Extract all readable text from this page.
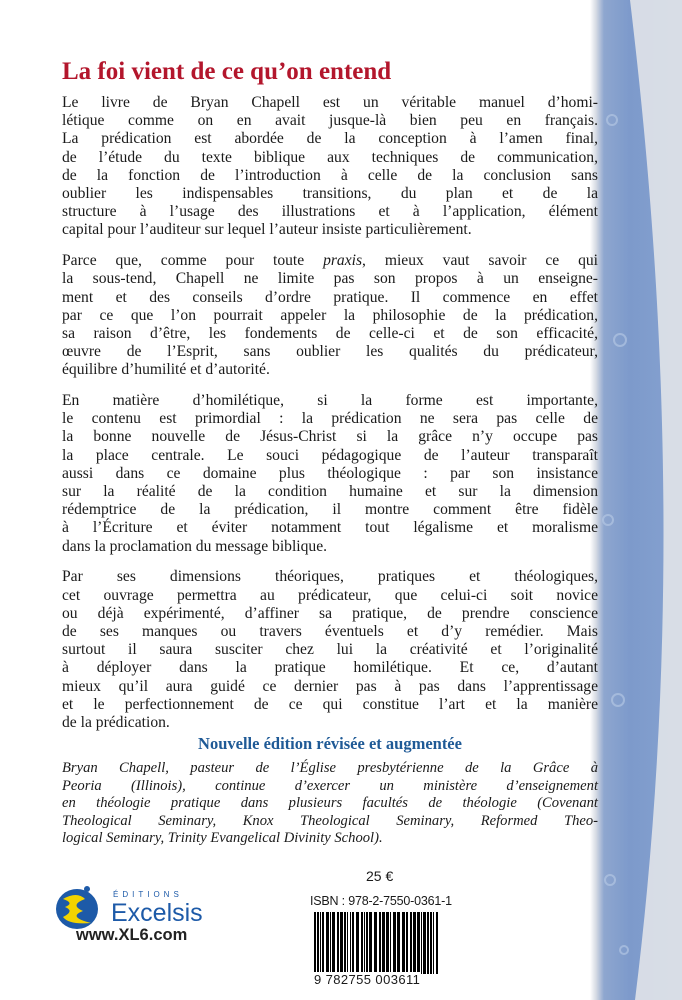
La foi vient de ce qu’on entend

Le livre de Bryan Chapell est un véritable manuel d’homi-
létique comme on en avait jusque-là bien peu en français.
La prédication est abordée de la conception à l’amen final,
de l’étude du texte biblique aux techniques de communication,
de la fonction de l’introduction à celle de la conclusion sans
oublier les indispensables transitions, du plan et de la
structure à l’usage des illustrations et à l’application, élément
capital pour l’auditeur sur lequel l’auteur insiste particulièrement.

Parce que, comme pour toute praxis, mieux vaut savoir ce qui
la sous-tend, Chapell ne limite pas son propos à un enseigne-
ment et des conseils d’ordre pratique. Il commence en effet
par ce que l’on pourrait appeler la philosophie de la prédication,
sa raison d’être, les fondements de celle-ci et de son efficacité,
œuvre de l’Esprit, sans oublier les qualités du prédicateur,
équilibre d’humilité et d’autorité.

En matière d’homilétique, si la forme est importante,
le contenu est primordial : la prédication ne sera pas celle de
la bonne nouvelle de Jésus-Christ si la grâce n’y occupe pas
la place centrale. Le souci pédagogique de l’auteur transparaît
aussi dans ce domaine plus théologique : par son insistance
sur la réalité de la condition humaine et sur la dimension
rédemptrice de la prédication, il montre comment être fidèle
à l’Écriture et éviter notamment tout légalisme et moralisme
dans la proclamation du message biblique.

Par ses dimensions théoriques, pratiques et théologiques,
cet ouvrage permettra au prédicateur, que celui-ci soit novice
ou déjà expérimenté, d’affiner sa pratique, de prendre conscience
de ses manques ou travers éventuels et d’y remédier. Mais
surtout il saura susciter chez lui la créativité et l’originalité
à déployer dans la pratique homilétique. Et ce, d’autant
mieux qu’il aura guidé ce dernier pas à pas dans l’apprentissage
et le perfectionnement de ce qui constitue l’art et la manière
de la prédication.

Nouvelle édition révisée et augmentée
Bryan Chapell, pasteur de l’Église presbytérienne de la Grâce à
Peoria (Illinois), continue d’exercer un ministère d’enseignement
en théologie pratique dans plusieurs facultés de théologie (Covenant
Theological Seminary, Knox Theological Seminary, Reformed Theo-
logical Seminary, Trinity Evangelical Divinity School).
ÉDITIONS
Excelsis
www.XL6.com
25 €
ISBN : 978-2-7550-0361-1
9 782755 003611
